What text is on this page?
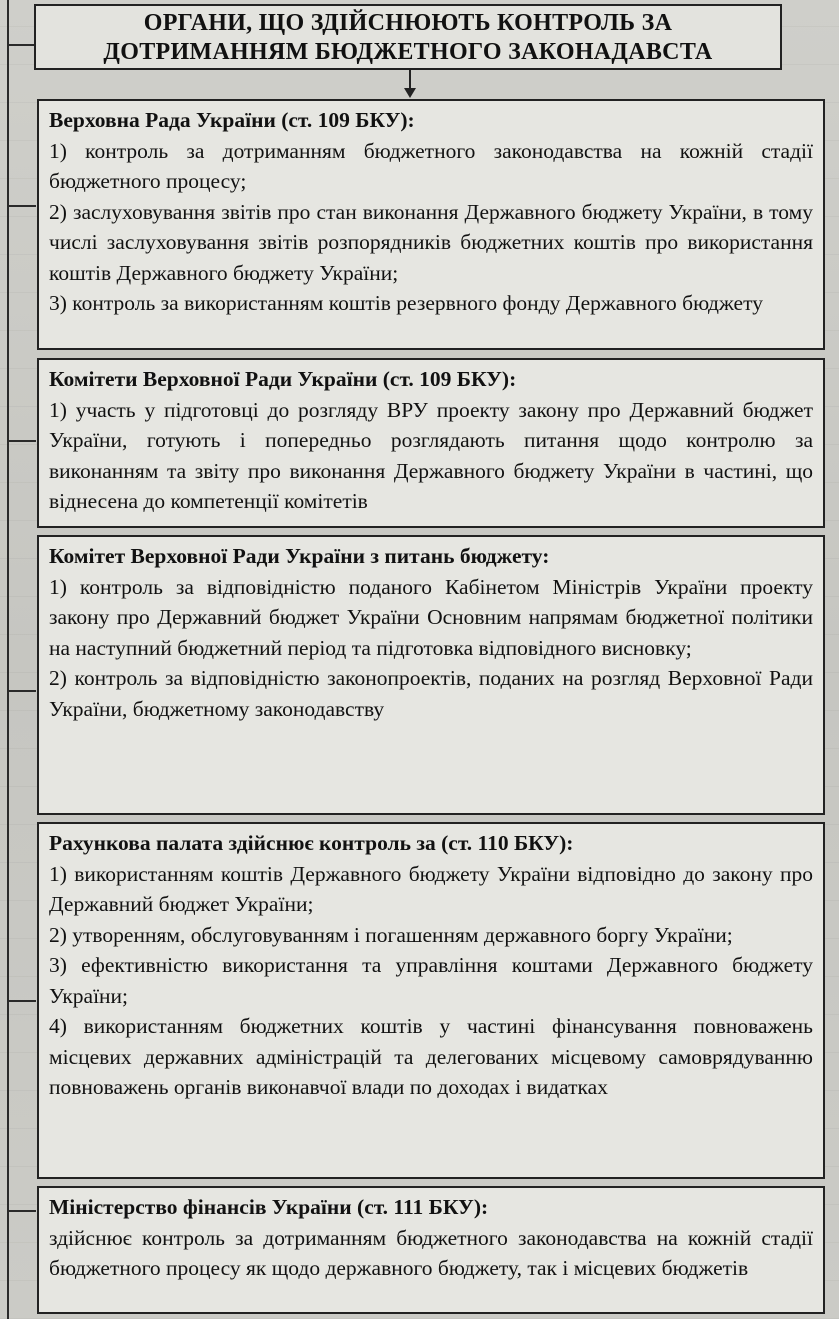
ОРГАНИ, ЩО ЗДІЙСНЮЮТЬ КОНТРОЛЬ ЗА
ДОТРИМАННЯМ БЮДЖЕТНОГО ЗАКОНАДАВСТА
Верховна Рада України (ст. 109 БКУ):
1) контроль за дотриманням бюджетного законодавства на кожній стадії бюджетного процесу;
2) заслуховування звітів про стан виконання Державного бюджету України, в тому числі заслуховування звітів розпорядників бюджетних коштів про використання коштів Державного бюджету України;
3) контроль за використанням коштів резервного фонду Державного бюджету
Комітети Верховної Ради України (ст. 109 БКУ):
1) участь у підготовці до розгляду ВРУ проекту закону про Державний бюджет України, готують і попередньо розглядають питання щодо контролю за виконанням та звіту про виконання Державного бюджету України в частині, що віднесена до компетенції комітетів
Комітет Верховної Ради України з питань бюджету:
1) контроль за відповідністю поданого Кабінетом Міністрів України проекту закону про Державний бюджет України Основним напрямам бюджетної політики на наступний бюджетний період та підготовка відповідного висновку;
2) контроль за відповідністю законопроектів, поданих на розгляд Верховної Ради України, бюджетному законодавству
Рахункова палата здійснює контроль за (ст. 110 БКУ):
1) використанням коштів Державного бюджету України відповідно до закону про Державний бюджет України;
2) утворенням, обслуговуванням і погашенням державного боргу України;
3) ефективністю використання та управління коштами Державного бюджету України;
4) використанням бюджетних коштів у частині фінансування повноважень місцевих державних адміністрацій та делегованих місцевому самоврядуванню повноважень органів виконавчої влади по доходах і видатках
Міністерство фінансів України (ст. 111 БКУ):
здійснює контроль за дотриманням бюджетного законодавства на кожній стадії бюджетного процесу як щодо державного бюджету, так і місцевих бюджетів
